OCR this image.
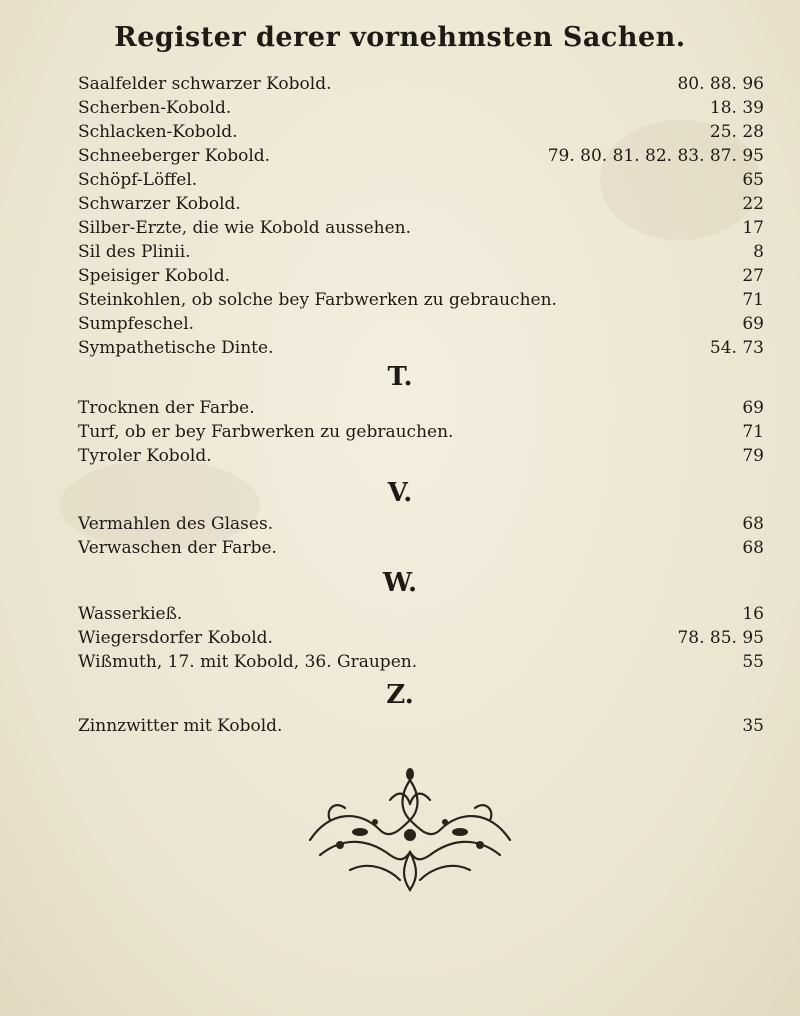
Register derer vornehmsten Sachen.
Saalfelder schwarzer Kobold.	80. 88. 96
Scherben-Kobold.	18. 39
Schlacken-Kobold.	25. 28
Schneeberger Kobold.	79. 80. 81. 82. 83. 87. 95
Schöpf-Löffel.	65
Schwarzer Kobold.	22
Silber-Erzte, die wie Kobold aussehen.	17
Sil des Plinii.	8
Speisiger Kobold.	27
Steinkohlen, ob solche bey Farbwerken zu gebrauchen.	71
Sumpfeschel.	69
Sympathetische Dinte.	54. 73
T.
Trocknen der Farbe.	69
Turf, ob er bey Farbwerken zu gebrauchen.	71
Tyroler Kobold.	79
V.
Vermahlen des Glases.	68
Verwaschen der Farbe.	68
W.
Wasserkieß.	16
Wiegersdorfer Kobold.	78. 85. 95
Wißmuth, 17. mit Kobold, 36. Graupen.	55
Z.
Zinnzwitter mit Kobold.	35
